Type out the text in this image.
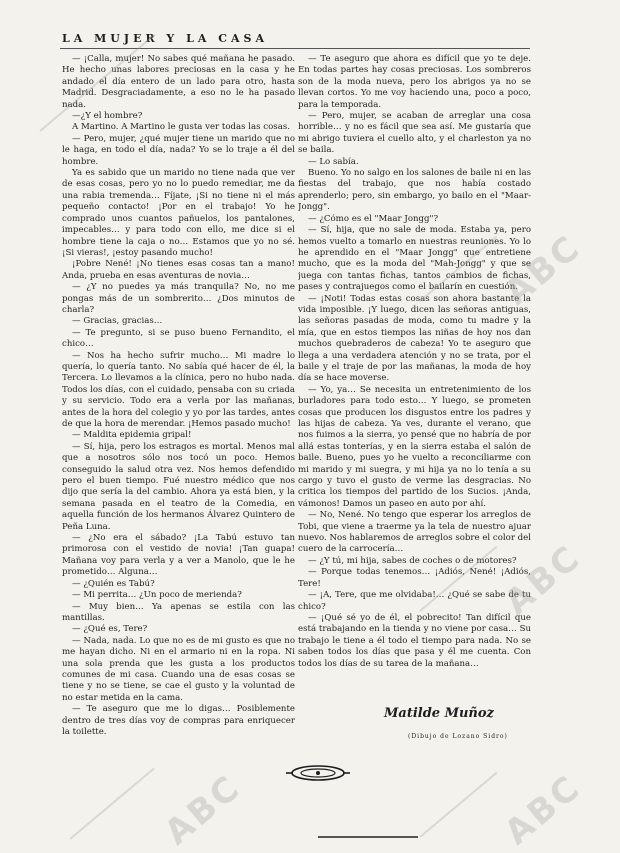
LA MUJER Y LA CASA

— ¡Calla, mujer! No sabes qué mañana he pasado. He hecho unas labores preciosas en la casa y he andado el día entero de un lado para otro, hasta Madrid. Desgraciadamente, a eso no le ha pasado nada.

—¿Y el hombre?

A Martino. A Martino le gusta ver todas las cosas.

— Pero, mujer, ¿qué mujer tiene un marido que no le haga, en todo el día, nada? Yo se lo traje a él del hombre.

Ya es sabido que un marido no tiene nada que ver de esas cosas, pero yo no lo puedo remediar, me da una rabia tremenda… Fíjate, ¡Si no tiene ni el más pequeño contacto! ¡Por en el trabajo! Yo he comprado unos cuantos pañuelos, los pantalones, impecables… y para todo con ello, me dice si el hombre tiene la caja o no… Estamos que yo no sé. ¡Si vieras!, ¡estoy pasando mucho!

¡Pobre Nené! ¡No tienes esas cosas tan a mano! Anda, prueba en esas aventuras de novia…

— ¿Y no puedes ya más tranquila? No, no me pongas más de un sombrerito… ¿Dos minutos de charla?

— Gracias, gracias…

— Te pregunto, si se puso bueno Fernandito, el chico…

— Nos ha hecho sufrir mucho… Mi madre lo quería, lo quería tanto. No sabía qué hacer de él, la Tercera. Lo llevamos a la clínica, pero no hubo nada. Todos los días, con el cuidado, pensaba con su criada y su servicio. Todo era a verla por las mañanas, antes de la hora del colegio y yo por las tardes, antes de que la hora de merendar. ¡Hemos pasado mucho!

— Maldita epidemia gripal!

— Sí, hija, pero los estragos es mortal. Menos mal que a nosotros sólo nos tocó un poco. Hemos conseguido la salud otra vez. Nos hemos defendido pero el buen tiempo. Fué nuestro médico que nos dijo que sería la del cambio. Ahora ya está bien, y la semana pasada en el teatro de la Comedia, en aquella función de los hermanos Álvarez Quintero de Peña Luna.

— ¿No era el sábado? ¡La Tabú estuvo tan primorosa con el vestido de novia! ¡Tan guapa! Mañana voy para verla y a ver a Manolo, que le he prometido… Alguna…

— ¿Quién es Tabú?

— Mi perrita… ¿Un poco de merienda?

— Muy bien… Ya apenas se estila con las mantillas.

— ¿Qué es, Tere?

— Nada, nada. Lo que no es de mi gusto es que no me hayan dicho. Ni en el armario ni en la ropa. Ni una sola prenda que les gusta a los productos comunes de mi casa. Cuando una de esas cosas se tiene y no se tiene, se cae el gusto y la voluntad de no estar metida en la cama.

— Te aseguro que me lo digas… Posiblemente dentro de tres días voy de compras para enriquecer la toilette.

— Te aseguro que ahora es difícil que yo te deje. En todas partes hay cosas preciosas. Los sombreros son de la moda nueva, pero los abrigos ya no se llevan cortos. Yo me voy haciendo una, poco a poco, para la temporada.

— Pero, mujer, se acaban de arreglar una cosa horrible… y no es fácil que sea así. Me gustaría que mi abrigo tuviera el cuello alto, y el charleston ya no se baila.

— Lo sabía.

Bueno. Yo no salgo en los salones de baile ni en las fiestas del trabajo, que nos había costado aprenderlo; pero, sin embargo, yo bailo en el "Maar-Jongg".

— ¿Cómo es el "Maar Jongg"?

— Sí, hija, que no sale de moda. Estaba ya, pero hemos vuelto a tomarlo en nuestras reuniones. Yo lo he aprendido en el "Maar Jongg" que entretiene mucho, que es la moda del "Mah-Jongg" y que se juega con tantas fichas, tantos cambios de fichas, pases y contrajuegos como el bailarín en cuestión.

— ¡Noti! Todas estas cosas son ahora bastante la vida imposible. ¡Y luego, dicen las señoras antiguas, las señoras pasadas de moda, como tu madre y la mía, que en estos tiempos las niñas de hoy nos dan muchos quebraderos de cabeza! Yo te aseguro que llega a una verdadera atención y no se trata, por el baile y el traje de por las mañanas, la moda de hoy día se hace moverse.

— Yo, ya… Se necesita un entretenimiento de los burladores para todo esto… Y luego, se prometen cosas que producen los disgustos entre los padres y las hijas de cabeza. Ya ves, durante el verano, que nos fuimos a la sierra, yo pensé que no habría de por allá estas tonterías, y en la sierra estaba el salón de baile. Bueno, pues yo he vuelto a reconciliarme con mi marido y mi suegra, y mi hija ya no lo tenía a su cargo y tuvo el gusto de verme las desgracias. No critica los tiempos del partido de los Sucios. ¡Anda, vámonos! Damos un paseo en auto por ahí.

— No, Nené. No tengo que esperar los arreglos de Tobi, que viene a traerme ya la tela de nuestro ajuar nuevo. Nos hablaremos de arreglos sobre el color del cuero de la carrocería…

— ¿Y tú, mi hija, sabes de coches o de motores?

— Porque todas tenemos… ¡Adiós, Nené! ¡Adiós, Tere!

— ¡A, Tere, que me olvidaba!… ¿Qué se sabe de tu chico?

— ¡Qué sé yo de él, el pobrecito! Tan difícil que está trabajando en la tienda y no viene por casa… Su trabajo le tiene a él todo el tiempo para nada. No se saben todos los días que pasa y él me cuenta. Con todos los días de su tarea de la mañana…

Matilde Muñoz
(Dibujo de Lozano Sidro)
ABC
ABC
ABC	ABC
